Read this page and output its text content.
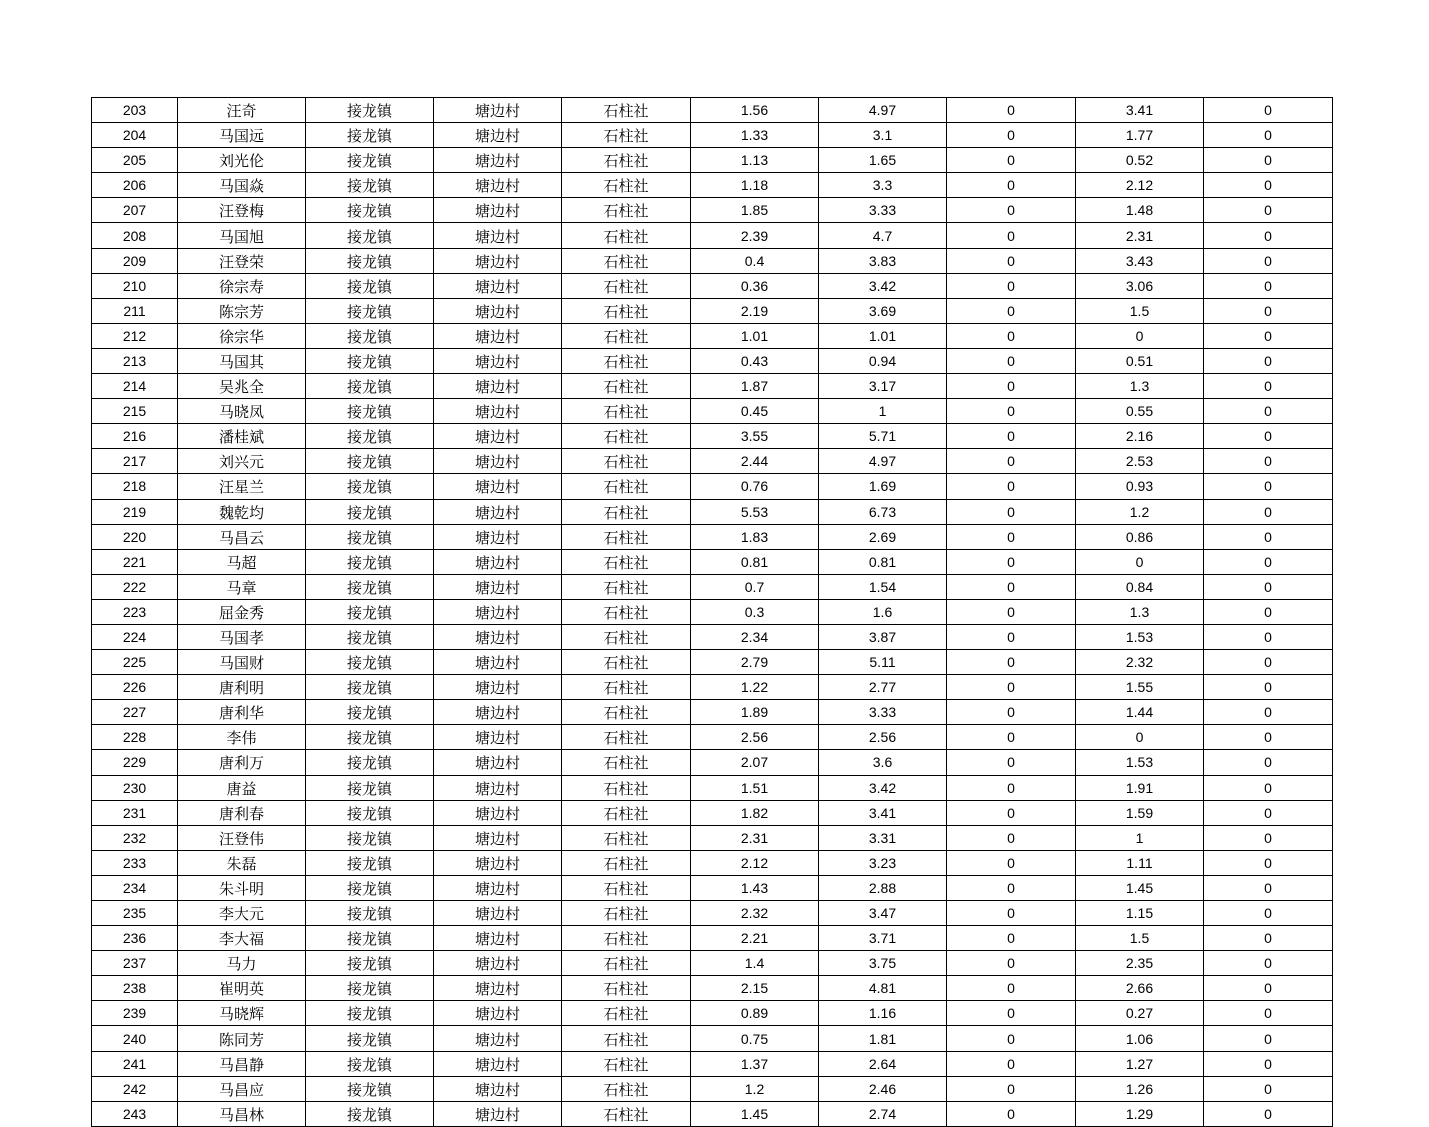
203	汪奇	接龙镇	塘边村	石柱社	1.56	4.97	0	3.41	0
204	马国远	接龙镇	塘边村	石柱社	1.33	3.1	0	1.77	0
205	刘光伦	接龙镇	塘边村	石柱社	1.13	1.65	0	0.52	0
206	马国焱	接龙镇	塘边村	石柱社	1.18	3.3	0	2.12	0
207	汪登梅	接龙镇	塘边村	石柱社	1.85	3.33	0	1.48	0
208	马国旭	接龙镇	塘边村	石柱社	2.39	4.7	0	2.31	0
209	汪登荣	接龙镇	塘边村	石柱社	0.4	3.83	0	3.43	0
210	徐宗寿	接龙镇	塘边村	石柱社	0.36	3.42	0	3.06	0
211	陈宗芳	接龙镇	塘边村	石柱社	2.19	3.69	0	1.5	0
212	徐宗华	接龙镇	塘边村	石柱社	1.01	1.01	0	0	0
213	马国其	接龙镇	塘边村	石柱社	0.43	0.94	0	0.51	0
214	吴兆全	接龙镇	塘边村	石柱社	1.87	3.17	0	1.3	0
215	马晓凤	接龙镇	塘边村	石柱社	0.45	1	0	0.55	0
216	潘桂斌	接龙镇	塘边村	石柱社	3.55	5.71	0	2.16	0
217	刘兴元	接龙镇	塘边村	石柱社	2.44	4.97	0	2.53	0
218	汪星兰	接龙镇	塘边村	石柱社	0.76	1.69	0	0.93	0
219	魏乾均	接龙镇	塘边村	石柱社	5.53	6.73	0	1.2	0
220	马昌云	接龙镇	塘边村	石柱社	1.83	2.69	0	0.86	0
221	马超	接龙镇	塘边村	石柱社	0.81	0.81	0	0	0
222	马章	接龙镇	塘边村	石柱社	0.7	1.54	0	0.84	0
223	屈金秀	接龙镇	塘边村	石柱社	0.3	1.6	0	1.3	0
224	马国孝	接龙镇	塘边村	石柱社	2.34	3.87	0	1.53	0
225	马国财	接龙镇	塘边村	石柱社	2.79	5.11	0	2.32	0
226	唐利明	接龙镇	塘边村	石柱社	1.22	2.77	0	1.55	0
227	唐利华	接龙镇	塘边村	石柱社	1.89	3.33	0	1.44	0
228	李伟	接龙镇	塘边村	石柱社	2.56	2.56	0	0	0
229	唐利万	接龙镇	塘边村	石柱社	2.07	3.6	0	1.53	0
230	唐益	接龙镇	塘边村	石柱社	1.51	3.42	0	1.91	0
231	唐利春	接龙镇	塘边村	石柱社	1.82	3.41	0	1.59	0
232	汪登伟	接龙镇	塘边村	石柱社	2.31	3.31	0	1	0
233	朱磊	接龙镇	塘边村	石柱社	2.12	3.23	0	1.11	0
234	朱斗明	接龙镇	塘边村	石柱社	1.43	2.88	0	1.45	0
235	李大元	接龙镇	塘边村	石柱社	2.32	3.47	0	1.15	0
236	李大福	接龙镇	塘边村	石柱社	2.21	3.71	0	1.5	0
237	马力	接龙镇	塘边村	石柱社	1.4	3.75	0	2.35	0
238	崔明英	接龙镇	塘边村	石柱社	2.15	4.81	0	2.66	0
239	马晓辉	接龙镇	塘边村	石柱社	0.89	1.16	0	0.27	0
240	陈同芳	接龙镇	塘边村	石柱社	0.75	1.81	0	1.06	0
241	马昌静	接龙镇	塘边村	石柱社	1.37	2.64	0	1.27	0
242	马昌应	接龙镇	塘边村	石柱社	1.2	2.46	0	1.26	0
243	马昌林	接龙镇	塘边村	石柱社	1.45	2.74	0	1.29	0
